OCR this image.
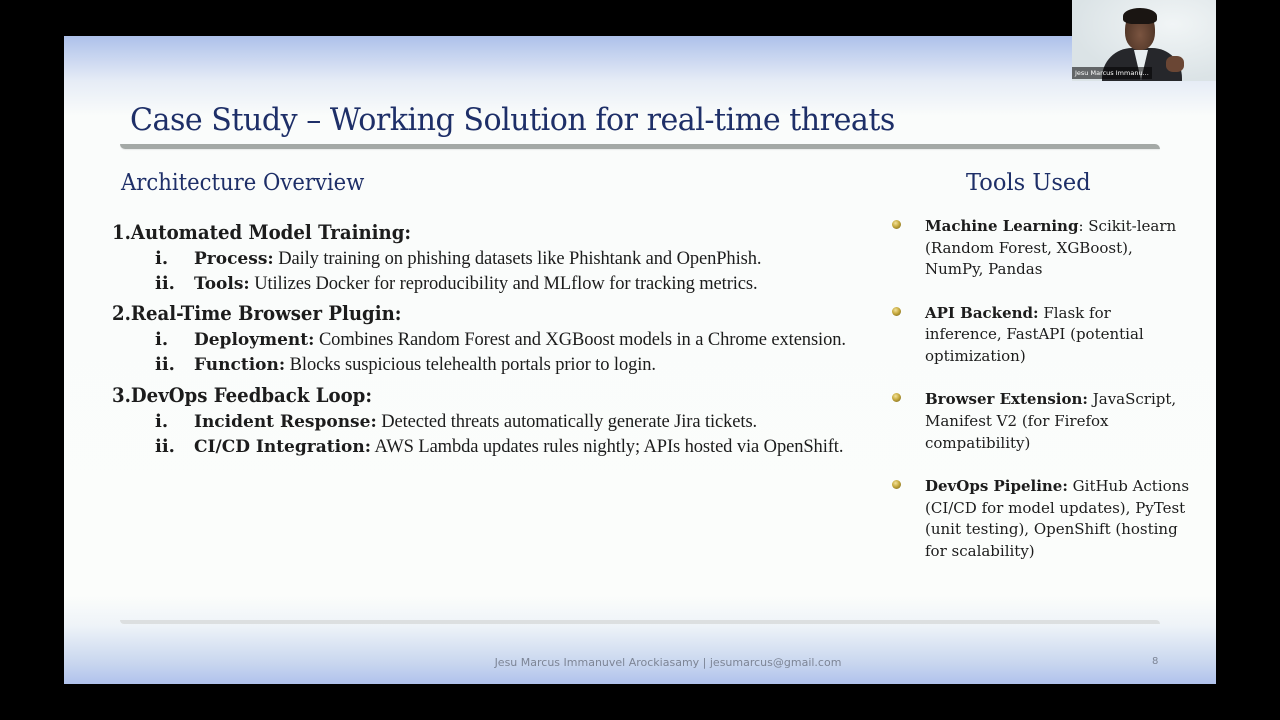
Case Study – Working Solution for real-time threats
Architecture Overview	Tools Used

1.Automated Model Training:

i. Process: Daily training on phishing datasets like Phishtank and OpenPhish.
ii. Tools: Utilizes Docker for reproducibility and MLflow for tracking metrics.

2.Real-Time Browser Plugin:

i. Deployment: Combines Random Forest and XGBoost models in a Chrome extension.
ii. Function: Blocks suspicious telehealth portals prior to login.

3.DevOps Feedback Loop:

i. Incident Response: Detected threats automatically generate Jira tickets.
ii. CI/CD Integration: AWS Lambda updates rules nightly; APIs hosted via OpenShift.
Machine Learning: Scikit-learn (Random Forest, XGBoost), NumPy, Pandas
API Backend: Flask for inference, FastAPI (potential optimization)
Browser Extension: JavaScript, Manifest V2 (for Firefox compatibility)
DevOps Pipeline: GitHub Actions (CI/CD for model updates), PyTest (unit testing), OpenShift (hosting for scalability)
Jesu Marcus Immanuvel Arockiasamy | jesumarcus@gmail.com	8
Jesu Marcus Immanu...
